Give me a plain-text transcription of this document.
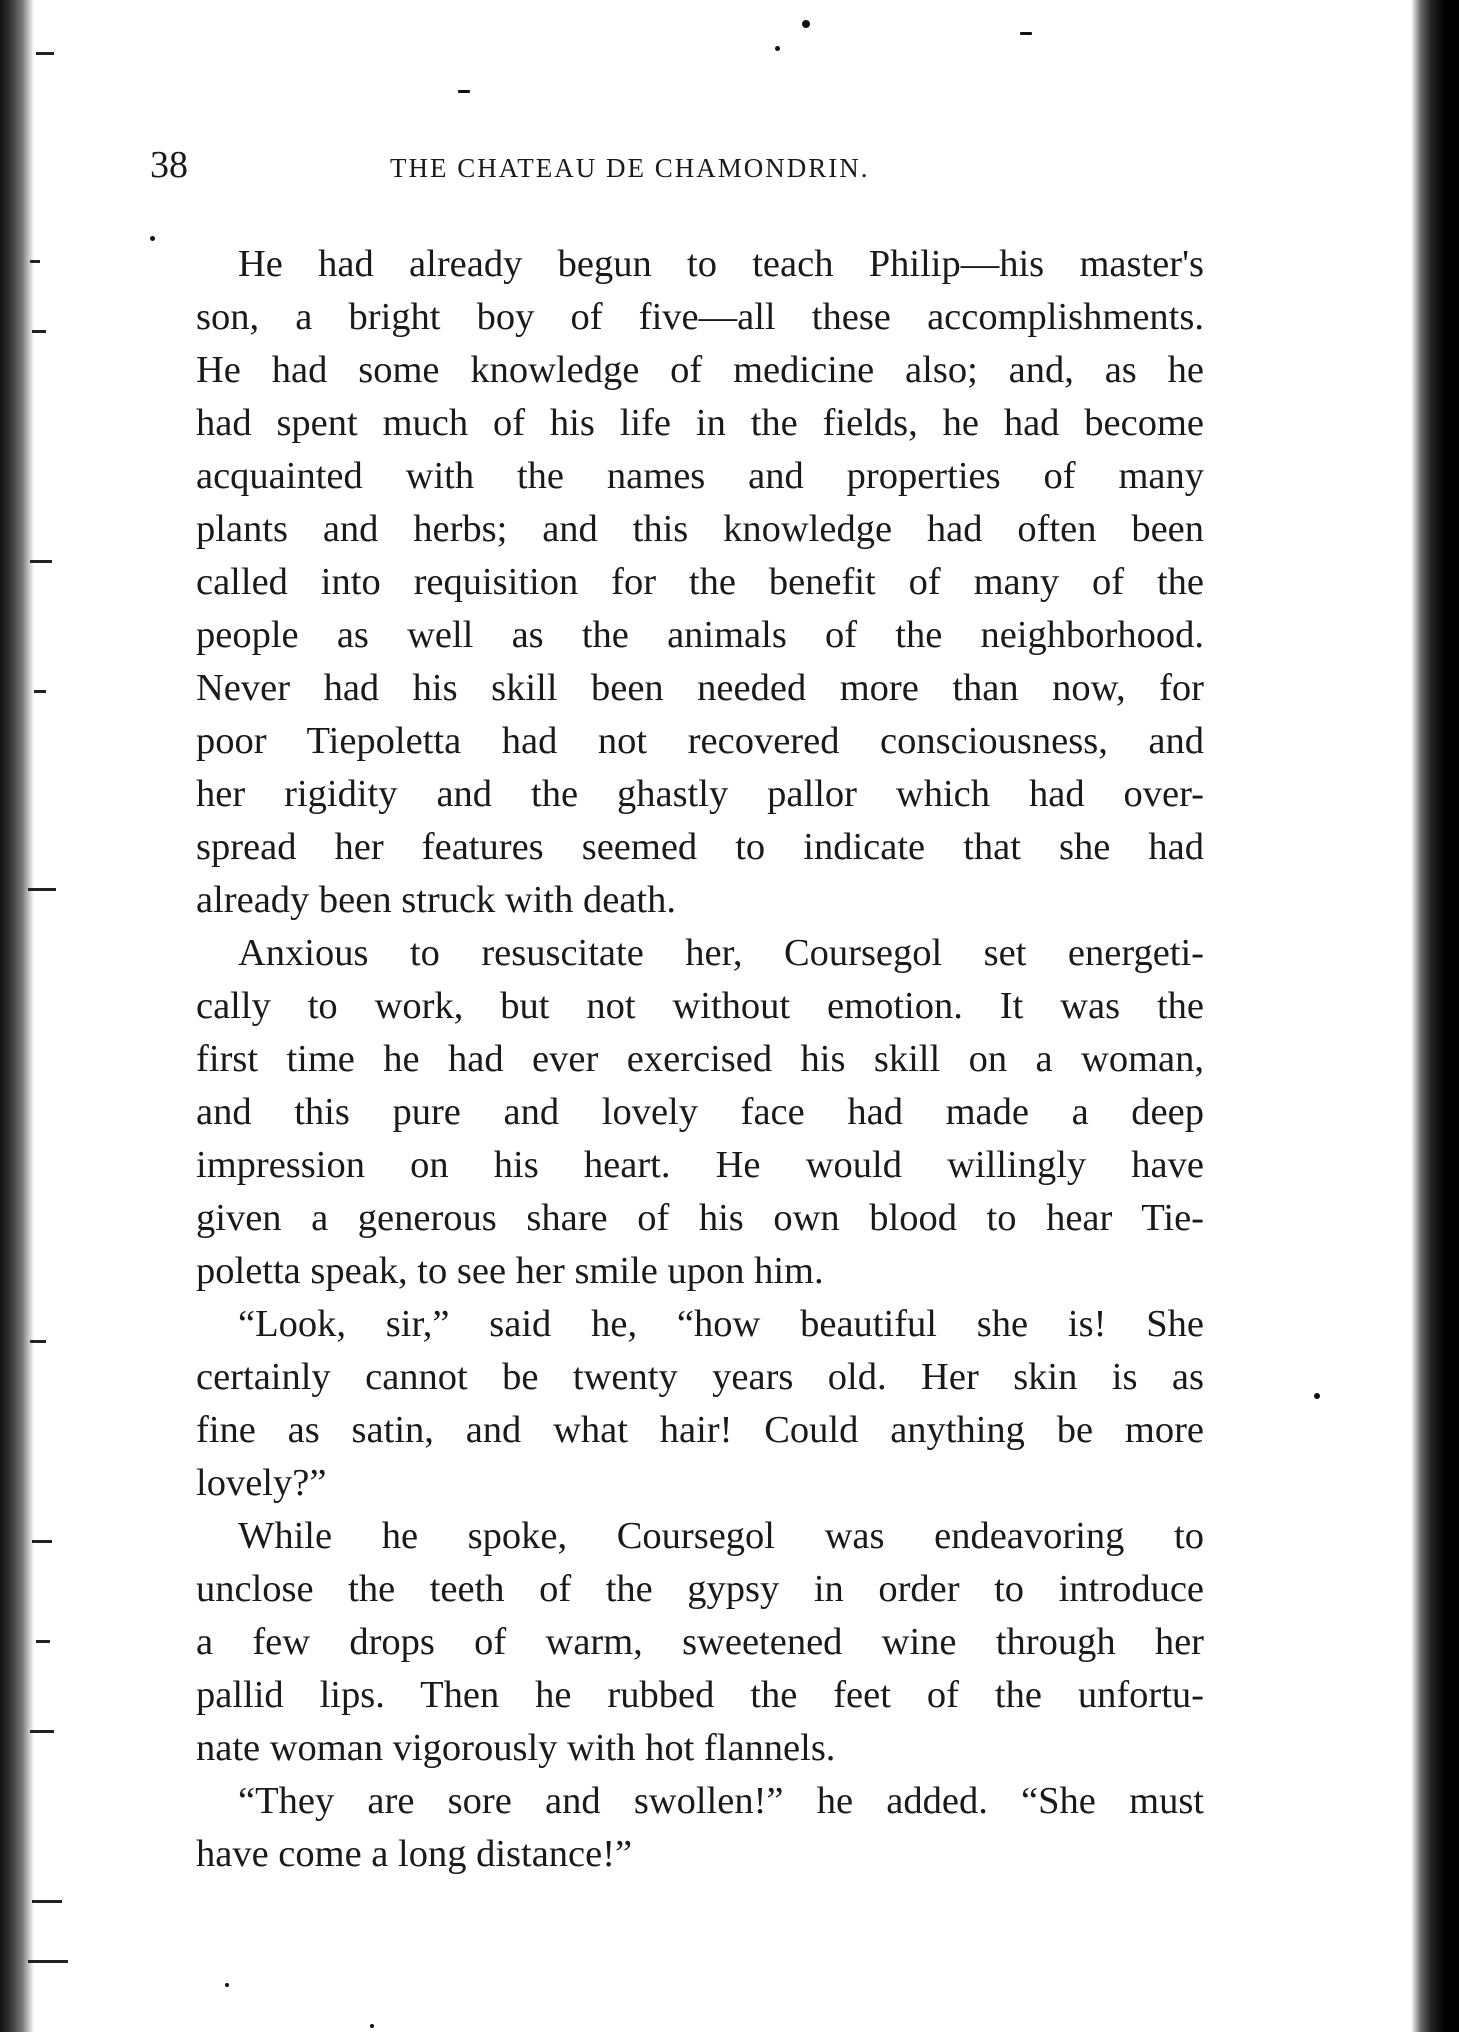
38	THE CHATEAU DE CHAMONDRIN.
He had already begun to teach Philip—his master's
son, a bright boy of five—all these accomplishments.
He had some knowledge of medicine also; and, as he
had spent much of his life in the fields, he had become
acquainted with the names and properties of many
plants and herbs; and this knowledge had often been
called into requisition for the benefit of many of the
people as well as the animals of the neighborhood.
Never had his skill been needed more than now, for
poor Tiepoletta had not recovered consciousness, and
her rigidity and the ghastly pallor which had over-
spread her features seemed to indicate that she had
already been struck with death.
Anxious to resuscitate her, Coursegol set energeti-
cally to work, but not without emotion. It was the
first time he had ever exercised his skill on a woman,
and this pure and lovely face had made a deep
impression on his heart. He would willingly have
given a generous share of his own blood to hear Tie-
poletta speak, to see her smile upon him.
“Look, sir,” said he, “how beautiful she is! She
certainly cannot be twenty years old. Her skin is as
fine as satin, and what hair! Could anything be more
lovely?”
While he spoke, Coursegol was endeavoring to
unclose the teeth of the gypsy in order to introduce
a few drops of warm, sweetened wine through her
pallid lips. Then he rubbed the feet of the unfortu-
nate woman vigorously with hot flannels.
“They are sore and swollen!” he added. “She must
have come a long distance!”
